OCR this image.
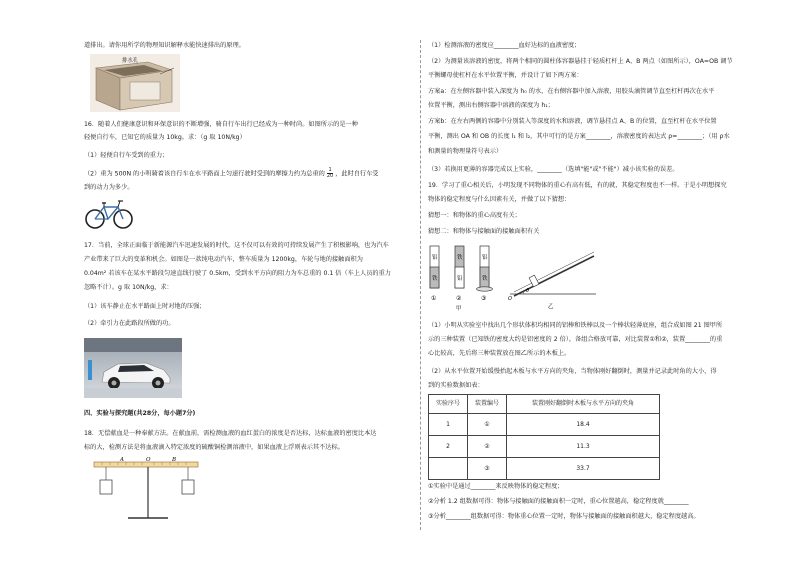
道排出。请你用所学的物理知识解释水能快速排出的原理。
排水孔
16．随着人们健康意识和环保意识的不断增强，骑自行车出行已经成为一种时尚。如图所示的是一种
轻便自行车，已知它的质量为 10kg。求：（g 取 10N/kg）
（1）轻便自行车受到的重力；
（2）重为 500N 的小明骑着该自行车在水平路面上匀速行驶时受到的摩擦力约为总重的 $\frac{1}{20}$ ，此时自行车受
到的动力为多少。
17．当前，全球正面临于新能源汽车迅速发展的时代，这不仅可以有效的可持续发展产生了积极影响，也为汽车
产业带来了巨大的变革和机会。如图是一款纯电动汽车，整车质量为 1200kg，车轮与地的接触面积为
0.04m² 若该车在某水平路段匀速直线行驶了 0.5km，受到水平方向的阻力为车总重的 0.1 倍（车上人员的重力
忽略不计）。g 取 10N/kg，求：
（1）该车静止在水平路面上时对地的压强；
（2）牵引力在此路段所做的功。
四、实验与探究题(共28分，每小题7分)
18．无偿献血是一种奉献方法。在献血前，需检测血液的血红蛋白的浓度是否达标，达标血液的密度比本达
标的大，检测方法是将血液滴入特定浓度的硫酸铜检测溶液中，如果血液上浮则表示其不达标。
A	O	B
（1）检测溶液的密度应________血好达标的血液密度；
（2）为测量该溶液的密度，将两个相同的圆柱体容器悬挂于轻质杠杆上 A、B 两点（如图所示），OA=OB 调节
平衡螺母使杠杆在水平位置平衡，并设计了如下两方案：
方案a：在左侧容器中装入深度为 h₀ 的水，在右侧容器中加入溶液，用胶头滴管调节直至杠杆再次在水平
位置平衡，测出右侧容器中溶液的深度为 h₁；
方案b：在左右两侧的容器中分别装入等深度的水和溶液，调节悬挂点 A、B 的位置，直至杠杆在水平位置
平衡，测出 OA 和 OB 的长度 l₁ 和 l₂，其中可行的是方案________，溶液密度的表达式 ρ=________；（用 ρ水
和测量的物理量符号表示）
（3）若换用更薄的容器完成以上实验，________（选填"能"或"不能"）减小该实验的误差。
19．学习了重心相关后，小明发现不同物体的重心有高有低，有的就，其稳定程度也不一样。于是小明想探究
物体的稳定程度与什么因素有关，并做了以下猜想：
猜想一：和物体的重心高度有关；
猜想二：和物体与接触面的接触面积有关
铝
铁
铁
铅
铝
铁
①	②	③
甲
θ
O
乙
（1）小明从实验室中找出几个形状体积均相同的铝棒和铁棒以及一个棒状轻薄底座，组合成如图 21 图甲所
示的三种装置（已知铁的密度大约是铝密度的 2 倍），备组合格放可靠，对比装置①和②，装置________的重
心比较高，先后将三种装置放在图乙所示的木板上。
（2）从水平位置开始缓慢抬起木板与水平方向的夹角，当物体刚好翻倒时，测量并记录此时角的大小，得
到的实验数据如表：
实验序号	装置编号	装置刚好翻倒时木板与水平方向的夹角
1	①	18.4
2	②	11.3
	③	33.7
①实验中是通过________来反映物体的稳定程度；
②分析 1.2 组数据可得：物体与接触面的接触面积一定时，重心位置越高，稳定程度就________
③分析________组数据可得：物体重心位置一定时，物体与接触面的接触面积越大，稳定程度越高。
